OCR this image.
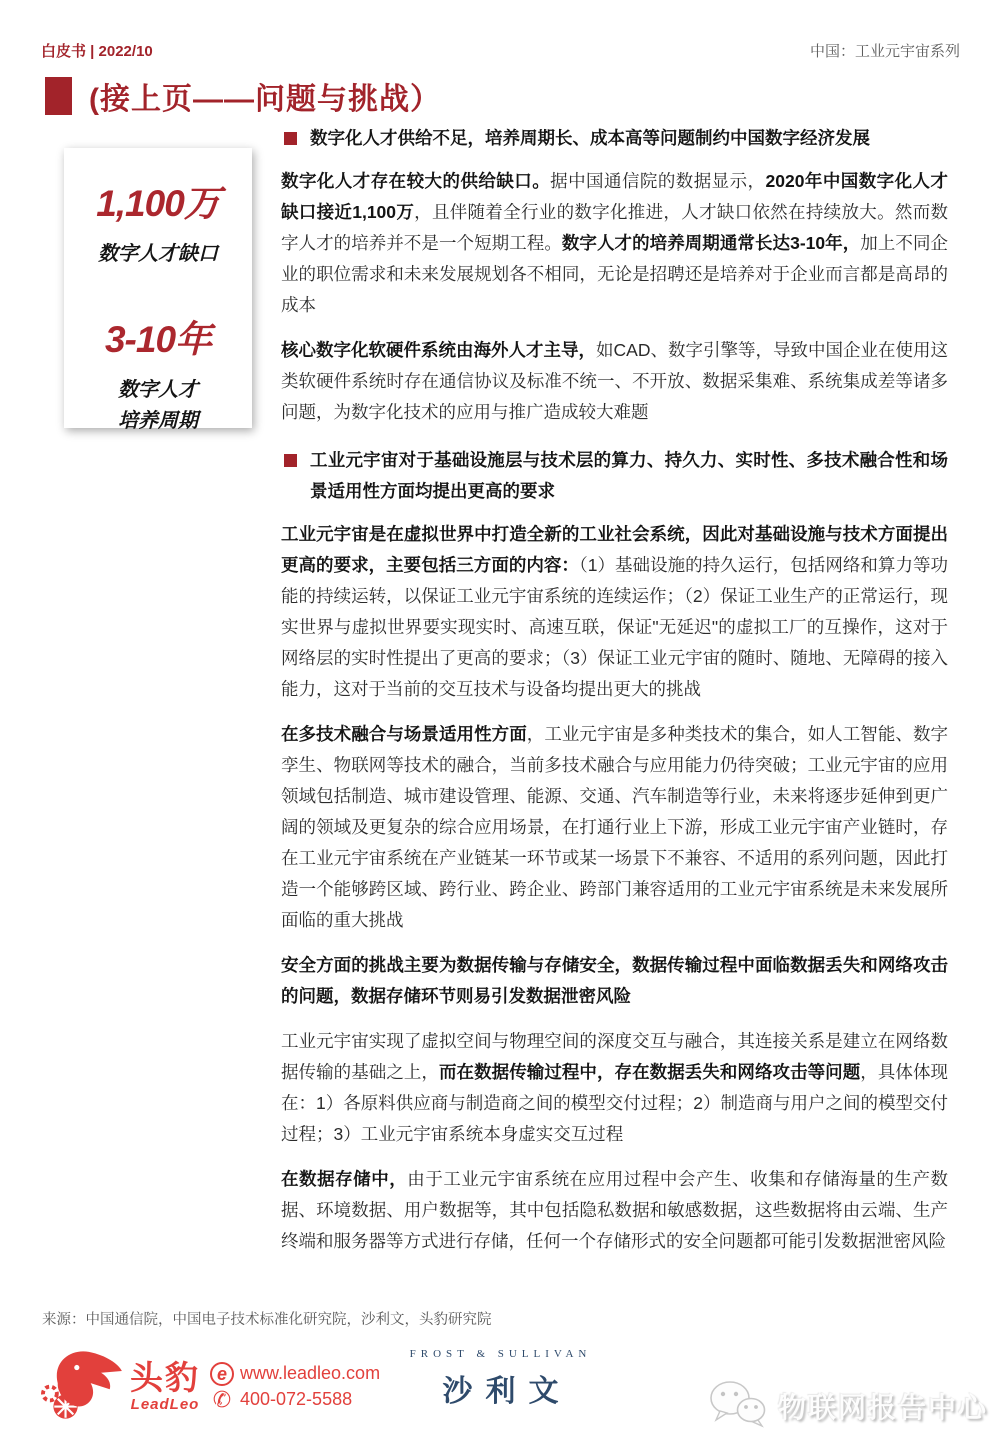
白皮书 | 2022/10	中国：工业元宇宙系列
(接上页——问题与挑战）
1,100万
数字人才缺口
3-10年
数字人才
培养周期

数字化人才供给不足，培养周期长、成本高等问题制约中国数字经济发展

数字化人才存在较大的供给缺口。据中国通信院的数据显示，2020年中国数字化人才缺口接近1,100万，且伴随着全行业的数字化推进，人才缺口依然在持续放大。然而数字人才的培养并不是一个短期工程。数字人才的培养周期通常长达3-10年，加上不同企业的职位需求和未来发展规划各不相同，无论是招聘还是培养对于企业而言都是高昂的成本

核心数字化软硬件系统由海外人才主导，如CAD、数字引擎等，导致中国企业在使用这类软硬件系统时存在通信协议及标准不统一、不开放、数据采集难、系统集成差等诸多问题，为数字化技术的应用与推广造成较大难题

工业元宇宙对于基础设施层与技术层的算力、持久力、实时性、多技术融合性和场景适用性方面均提出更高的要求

工业元宇宙是在虚拟世界中打造全新的工业社会系统，因此对基础设施与技术方面提出更高的要求，主要包括三方面的内容：（1）基础设施的持久运行，包括网络和算力等功能的持续运转，以保证工业元宇宙系统的连续运作；（2）保证工业生产的正常运行，现实世界与虚拟世界要实现实时、高速互联，保证"无延迟"的虚拟工厂的互操作，这对于网络层的实时性提出了更高的要求；（3）保证工业元宇宙的随时、随地、无障碍的接入能力，这对于当前的交互技术与设备均提出更大的挑战

在多技术融合与场景适用性方面，工业元宇宙是多种类技术的集合，如人工智能、数字孪生、物联网等技术的融合，当前多技术融合与应用能力仍待突破；工业元宇宙的应用领域包括制造、城市建设管理、能源、交通、汽车制造等行业，未来将逐步延伸到更广阔的领域及更复杂的综合应用场景，在打通行业上下游，形成工业元宇宙产业链时，存在工业元宇宙系统在产业链某一环节或某一场景下不兼容、不适用的系列问题，因此打造一个能够跨区域、跨行业、跨企业、跨部门兼容适用的工业元宇宙系统是未来发展所面临的重大挑战

安全方面的挑战主要为数据传输与存储安全，数据传输过程中面临数据丢失和网络攻击的问题，数据存储环节则易引发数据泄密风险

工业元宇宙实现了虚拟空间与物理空间的深度交互与融合，其连接关系是建立在网络数据传输的基础之上，而在数据传输过程中，存在数据丢失和网络攻击等问题，具体体现在：1）各原料供应商与制造商之间的模型交付过程；2）制造商与用户之间的模型交付过程；3）工业元宇宙系统本身虚实交互过程

在数据存储中，由于工业元宇宙系统在应用过程中会产生、收集和存储海量的生产数据、环境数据、用户数据等，其中包括隐私数据和敏感数据，这些数据将由云端、生产终端和服务器等方式进行存储，任何一个存储形式的安全问题都可能引发数据泄密风险

来源：中国通信院，中国电子技术标准化研究院，沙利文，头豹研究院
头豹
LeadLeo
e www.leadleo.com
✆ 400-072-5588
FROST & SULLIVAN
沙利文	物联网报告中心
